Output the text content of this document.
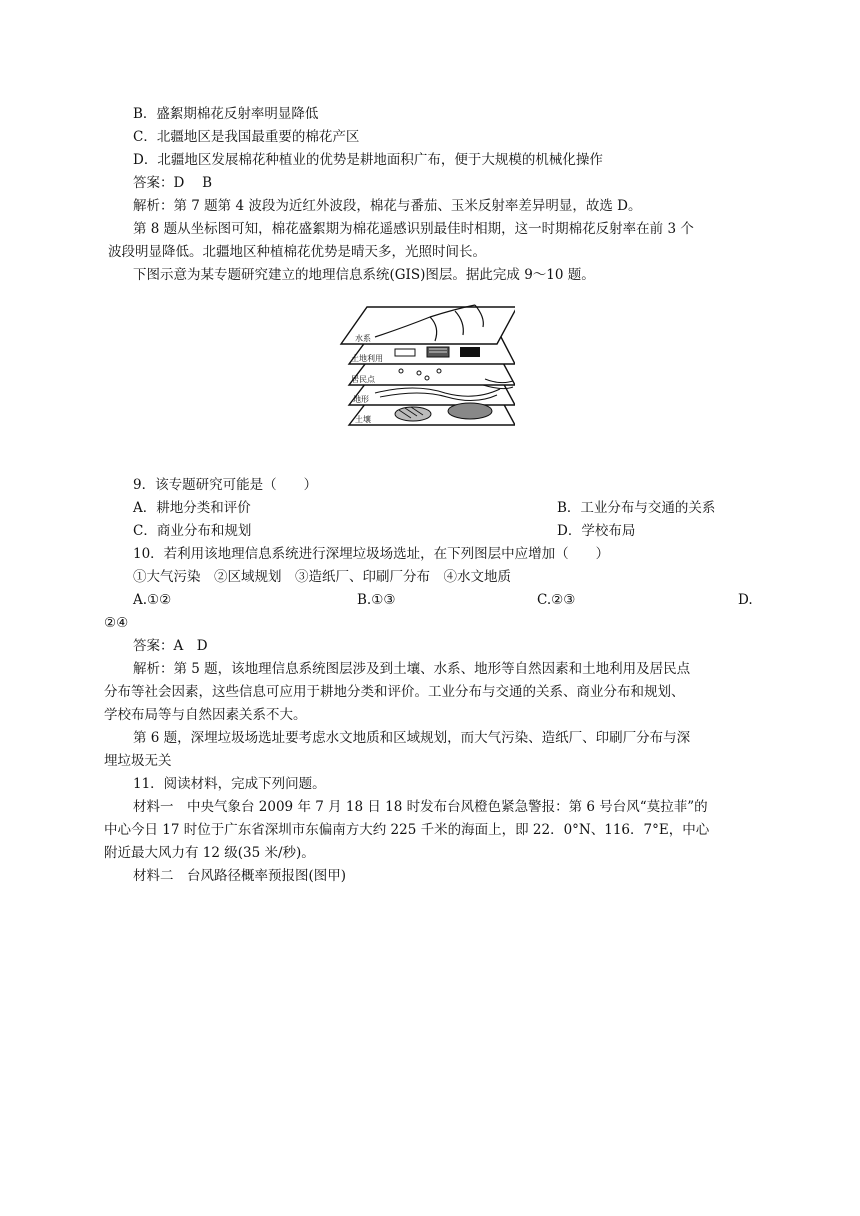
B．盛絮期棉花反射率明显降低
C．北疆地区是我国最重要的棉花产区
D．北疆地区发展棉花种植业的优势是耕地面积广布，便于大规模的机械化操作
答案：D　 B
解析：第 7 题第 4 波段为近红外波段，棉花与番茄、玉米反射率差异明显，故选 D。
第 8 题从坐标图可知，棉花盛絮期为棉花遥感识别最佳时相期，这一时期棉花反射率在前 3 个
波段明显降低。北疆地区种植棉花优势是晴天多，光照时间长。
下图示意为某专题研究建立的地理信息系统(GIS)图层。据此完成 9～10 题。
水系
土地利用
居民点
地形
土壤
9．该专题研究可能是（　　）
A．耕地分类和评价	B．工业分布与交通的关系
C．商业分布和规划	D．学校布局
10．若利用该地理信息系统进行深埋垃圾场选址，在下列图层中应增加（　　）
①大气污染　②区域规划　③造纸厂、印刷厂分布　④水文地质
A.①②	B.①③	C.②③	D.
②④
答案：A　D
解析：第 5 题，该地理信息系统图层涉及到土壤、水系、地形等自然因素和土地利用及居民点
分布等社会因素，这些信息可应用于耕地分类和评价。工业分布与交通的关系、商业分布和规划、
学校布局等与自然因素关系不大。
第 6 题，深埋垃圾场选址要考虑水文地质和区域规划，而大气污染、造纸厂、印刷厂分布与深
埋垃圾无关
11．阅读材料，完成下列问题。
材料一　中央气象台 2009 年 7 月 18 日 18 时发布台风橙色紧急警报：第 6 号台风“莫拉菲”的
中心今日 17 时位于广东省深圳市东偏南方大约 225 千米的海面上，即 22．0°N、116．7°E，中心
附近最大风力有 12 级(35 米/秒)。
材料二　台风路径概率预报图(图甲)
